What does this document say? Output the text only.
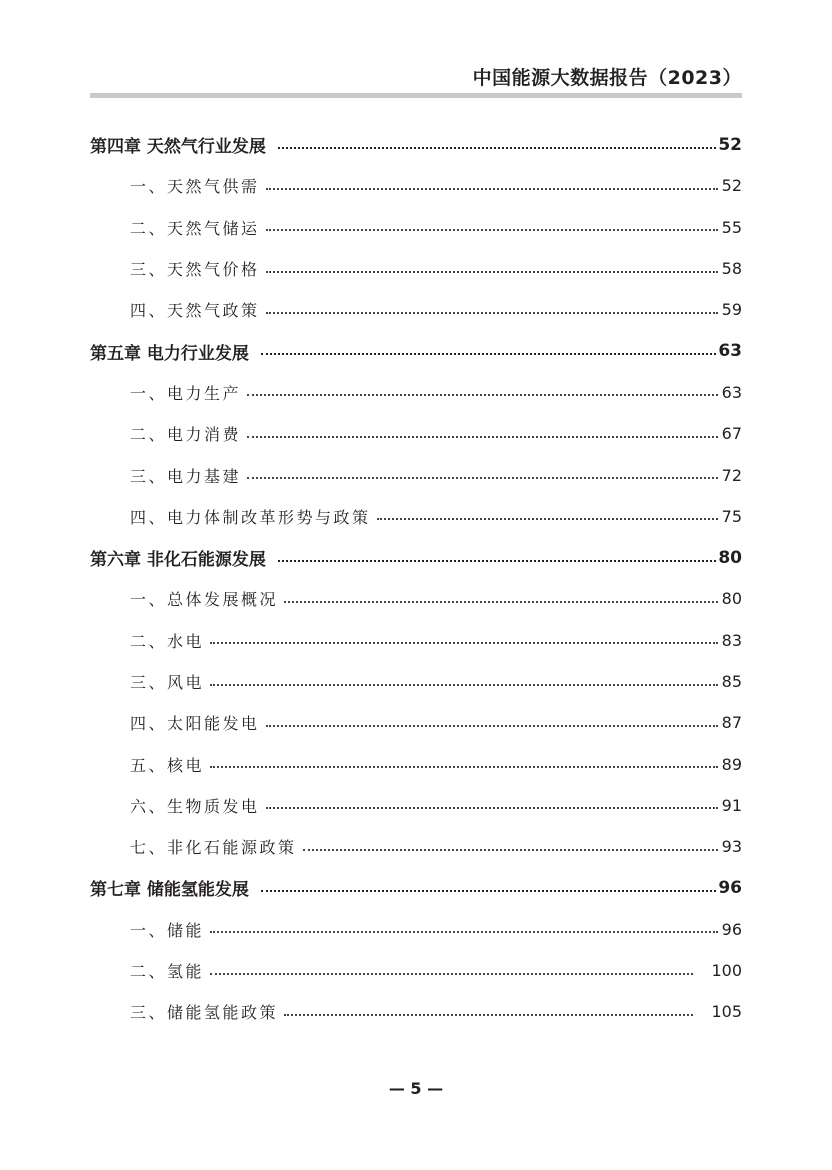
中国能源大数据报告（2023）
第四章 天然气行业发展	52
一、天然气供需	52
二、天然气储运	55
三、天然气价格	58
四、天然气政策	59
第五章 电力行业发展	63
一、电力生产	63
二、电力消费	67
三、电力基建	72
四、电力体制改革形势与政策	75
第六章 非化石能源发展	80
一、总体发展概况	80
二、水电	83
三、风电	85
四、太阳能发电	87
五、核电	89
六、生物质发电	91
七、非化石能源政策	93
第七章 储能氢能发展	96
一、储能	96
二、氢能	100
三、储能氢能政策	105
— 5 —
